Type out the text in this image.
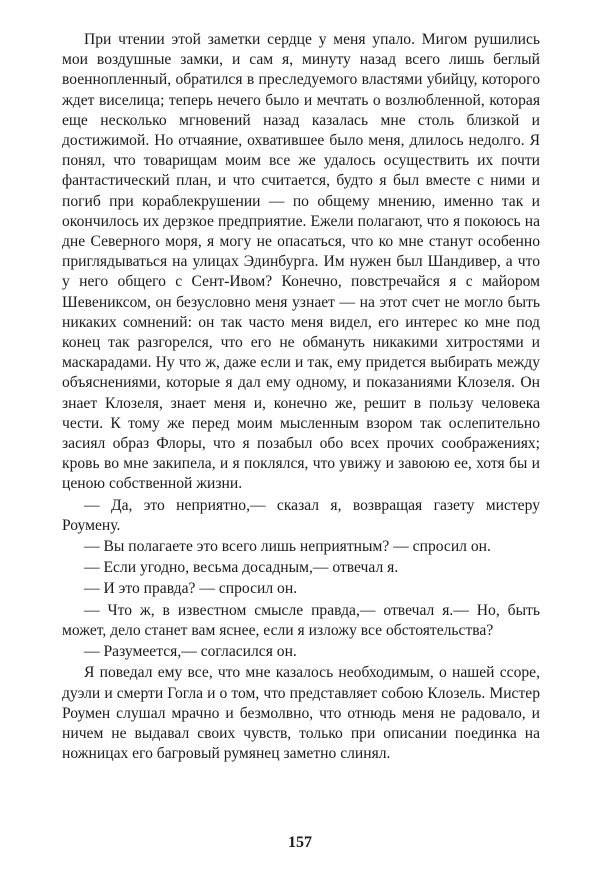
При чтении этой заметки сердце у меня упало. Мигом рушились мои воздушные замки, и сам я, минуту назад всего лишь беглый военнопленный, обратился в преследуемого властями убийцу, которого ждет виселица; теперь нечего было и мечтать о возлюбленной, которая еще несколько мгновений назад казалась мне столь близкой и достижимой. Но отчаяние, охватившее было меня, длилось недолго. Я понял, что товарищам моим все же удалось осуществить их почти фантастический план, и что считается, будто я был вместе с ними и погиб при кораблекрушении — по общему мнению, именно так и окончилось их дерзкое предприятие. Ежели полагают, что я покоюсь на дне Северного моря, я могу не опасаться, что ко мне станут особенно приглядываться на улицах Эдинбурга. Им нужен был Шандивер, а что у него общего с Сент-Ивом? Конечно, повстречайся я с майором Шевениксом, он безусловно меня узнает — на этот счет не могло быть никаких сомнений: он так часто меня видел, его интерес ко мне под конец так разгорелся, что его не обмануть никакими хитростями и маскарадами. Ну что ж, даже если и так, ему придется выбирать между объяснениями, которые я дал ему одному, и показаниями Клозеля. Он знает Клозеля, знает меня и, конечно же, решит в пользу человека чести. К тому же перед моим мысленным взором так ослепительно засиял образ Флоры, что я позабыл обо всех прочих соображениях; кровь во мне закипела, и я поклялся, что увижу и завоюю ее, хотя бы и ценою собственной жизни.

— Да, это неприятно,— сказал я, возвращая газету мистеру Роумену.

— Вы полагаете это всего лишь неприятным? — спросил он.

— Если угодно, весьма досадным,— отвечал я.

— И это правда? — спросил он.

— Что ж, в известном смысле правда,— отвечал я.— Но, быть может, дело станет вам яснее, если я изложу все обстоятельства?

— Разумеется,— согласился он.

Я поведал ему все, что мне казалось необходимым, о нашей ссоре, дуэли и смерти Гогла и о том, что представляет собою Клозель. Мистер Роумен слушал мрачно и безмолвно, что отнюдь меня не радовало, и ничем не выдавал своих чувств, только при описании поединка на ножницах его багровый румянец заметно слинял.

157
